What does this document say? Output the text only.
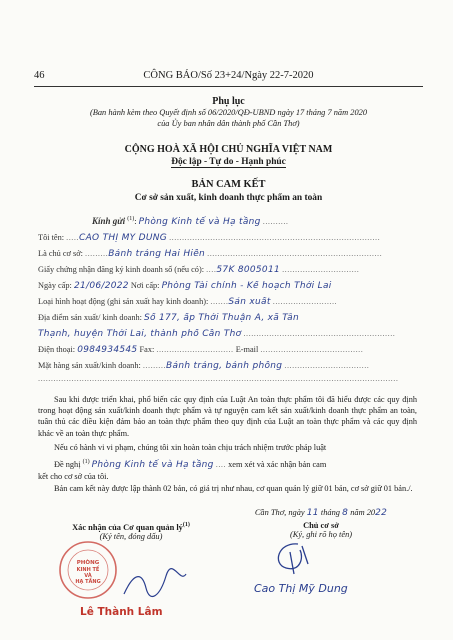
46	CÔNG BÁO/Số 23+24/Ngày 22-7-2020
Phụ lục
(Ban hành kèm theo Quyết định số 06/2020/QĐ-UBND ngày 17 tháng 7 năm 2020
của Ủy ban nhân dân thành phố Cần Thơ)
CỘNG HOÀ XÃ HỘI CHỦ NGHĨA VIỆT NAM
Độc lập - Tự do - Hạnh phúc
BẢN CAM KẾT
Cơ sở sản xuất, kinh doanh thực phẩm an toàn
Kính gửi $^{(1)}$: Phòng Kinh tế và Hạ tầng ..........
Tôi tên: .....CAO THỊ MỸ DUNG ..................................................................................
Là chủ cơ sở: .........Bánh tráng Hai Hiền ....................................................................
Giấy chứng nhận đăng ký kinh doanh số (nếu có): ....57K 8005011 ..............................
Ngày cấp: 21/06/2022 Nơi cấp: Phòng Tài chính - Kế hoạch Thới Lai
Loại hình hoạt động (ghi sản xuất hay kinh doanh): .......Sản xuất .........................
Địa điểm sản xuất/ kinh doanh: Số 177, ấp Thới Thuận A, xã Tân
Thạnh, huyện Thới Lai, thành phố Cần Thơ ...........................................................
Điện thoại: 0984934545 Fax: .............................. E-mail ........................................
Mặt hàng sản xuất/kinh doanh: .........Bánh tráng, bánh phồng .................................
............................................................................................................................................
Sau khi được triển khai, phổ biến các quy định của Luật An toàn thực phẩm tôi đã hiểu được các quy định trong hoạt động sản xuất/kinh doanh thực phẩm và tự nguyện cam kết sản xuất/kinh doanh thực phẩm an toàn, tuân thủ các điều kiện đảm bảo an toàn thực phẩm theo quy định của Luật an toàn thực phẩm và các quy định khác về an toàn thực phẩm.
Nếu có hành vi vi phạm, chúng tôi xin hoàn toàn chịu trách nhiệm trước pháp luật
Đề nghị $^{(1)}$ Phòng Kinh tế và Hạ tầng .... xem xét và xác nhận bản cam
kết cho cơ sở của tôi.
Bản cam kết này được lập thành 02 bản, có giá trị như nhau, cơ quan quản lý giữ 01 bản, cơ sở giữ 01 bản./.
Cần Thơ, ngày 11 tháng 8 năm 2022
Chủ cơ sở
(Ký, ghi rõ họ tên)
Xác nhận của Cơ quan quản $lý^{(1)}$
(Ký tên, đóng dấu)
PHÒNG
KINH TẾ
VÀ
HẠ TẦNG
Lê Thành Lâm
Cao Thị Mỹ Dung
